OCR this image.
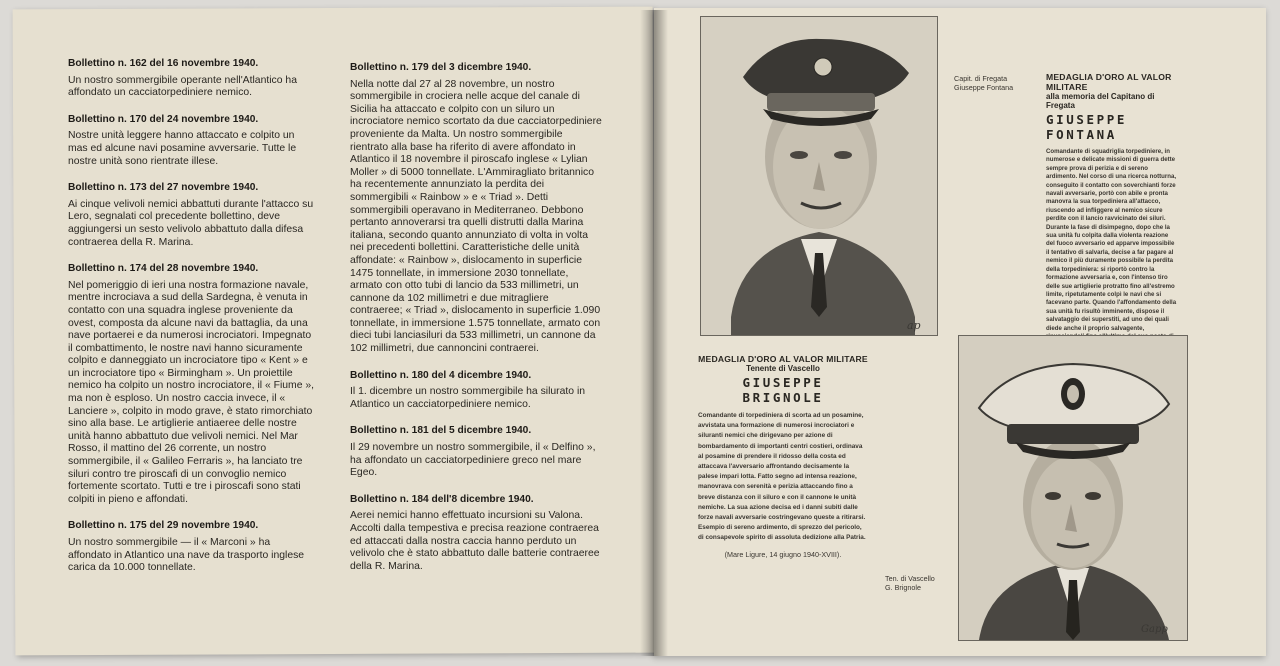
Bollettino n. 162 del 16 novembre 1940.

Un nostro sommergibile operante nell'Atlantico ha affondato un cacciatorpediniere nemico.

Bollettino n. 170 del 24 novembre 1940.

Nostre unità leggere hanno attaccato e colpito un mas ed alcune navi posamine avversarie. Tutte le nostre unità sono rientrate illese.

Bollettino n. 173 del 27 novembre 1940.

Ai cinque velivoli nemici abbattuti durante l'attacco su Lero, segnalati col precedente bollettino, deve aggiungersi un sesto velivolo abbattuto dalla difesa contraerea della R. Marina.

Bollettino n. 174 del 28 novembre 1940.

Nel pomeriggio di ieri una nostra formazione navale, mentre incrociava a sud della Sardegna, è venuta in contatto con una squadra inglese proveniente da ovest, composta da alcune navi da battaglia, da una nave portaerei e da numerosi incrociatori. Impegnato il combattimento, le nostre navi hanno sicuramente colpito e danneggiato un incrociatore tipo « Kent » e un incrociatore tipo « Birmingham ». Un proiettile nemico ha colpito un nostro incrociatore, il « Fiume », ma non è esploso. Un nostro caccia invece, il « Lanciere », colpito in modo grave, è stato rimorchiato sino alla base. Le artiglierie antiaeree delle nostre unità hanno abbattuto due velivoli nemici. Nel Mar Rosso, il mattino del 26 corrente, un nostro sommergibile, il « Galileo Ferraris », ha lanciato tre siluri contro tre piroscafi di un convoglio nemico fortemente scortato. Tutti e tre i piroscafi sono stati colpiti in pieno e affondati.

Bollettino n. 175 del 29 novembre 1940.

Un nostro sommergibile — il « Marconi » ha affondato in Atlantico una nave da trasporto inglese carica da 10.000 tonnellate.

Bollettino n. 179 del 3 dicembre 1940.

Nella notte dal 27 al 28 novembre, un nostro sommergibile in crociera nelle acque del canale di Sicilia ha attaccato e colpito con un siluro un incrociatore nemico scortato da due cacciatorpediniere proveniente da Malta. Un nostro sommergibile rientrato alla base ha riferito di avere affondato in Atlantico il 18 novembre il piroscafo inglese « Lylian Moller » di 5000 tonnellate. L'Ammiragliato britannico ha recentemente annunziato la perdita dei sommergibili « Rainbow » e « Triad ». Detti sommergibili operavano in Mediterraneo. Debbono pertanto annoverarsi tra quelli distrutti dalla Marina italiana, secondo quanto annunziato di volta in volta nei precedenti bollettini. Caratteristiche delle unità affondate: « Rainbow », dislocamento in superficie 1475 tonnellate, in immersione 2030 tonnellate, armato con otto tubi di lancio da 533 millimetri, un cannone da 102 millimetri e due mitragliere contraeree; « Triad », dislocamento in superficie 1.090 tonnellate, in immersione 1.575 tonnellate, armato con dieci tubi lanciasiluri da 533 millimetri, un cannone da 102 millimetri, due cannoncini contraerei.

Bollettino n. 180 del 4 dicembre 1940.

Il 1. dicembre un nostro sommergibile ha silurato in Atlantico un cacciatorpediniere nemico.

Bollettino n. 181 del 5 dicembre 1940.

Il 29 novembre un nostro sommergibile, il « Delfino », ha affondato un cacciatorpediniere greco nel mare Egeo.

Bollettino n. 184 dell'8 dicembre 1940.

Aerei nemici hanno effettuato incursioni su Valona. Accolti dalla tempestiva e precisa reazione contraerea ed attaccati dalla nostra caccia hanno perduto un velivolo che è stato abbattuto dalle batterie contraeree della R. Marina.

ap
Capit. di Fregata
Giuseppe Fontana
MEDAGLIA D'ORO AL VALOR MILITARE
alla memoria del Capitano di Fregata
GIUSEPPE FONTANA
Comandante di squadriglia torpediniere, in numerose e delicate missioni di guerra dette sempre prova di perizia e di sereno ardimento. Nel corso di una ricerca notturna, conseguito il contatto con soverchianti forze navali avversarie, portò con abile e pronta manovra la sua torpediniera all'attacco, riuscendo ad infliggere al nemico sicure perdite con il lancio ravvicinato dei siluri. Durante la fase di disimpegno, dopo che la sua unità fu colpita dalla violenta reazione del fuoco avversario ed apparve impossibile il tentativo di salvarla, decise a far pagare al nemico il più duramente possibile la perdita della torpediniera: si riportò contro la formazione avversaria e, con l'intenso tiro delle sue artiglierie protratto fino all'estremo limite, ripetutamente colpì le navi che si facevano parte. Quando l'affondamento della sua unità fu risultò imminente, dispose il salvataggio dei superstiti, ad uno dei quali diede anche il proprio salvagente,
MEDAGLIA D'ORO AL VALOR MILITARE
Tenente di Vascello
GIUSEPPE BRIGNOLE
Comandante di torpediniera di scorta ad un posamine, avvistata una formazione di numerosi incrociatori e siluranti nemici che dirigevano per azione di bombardamento di importanti centri costieri, ordinava al posamine di prendere il ridosso della costa ed attaccava l'avversario affrontando decisamente la palese impari lotta. Fatto segno ad intensa reazione, manovrava con serenità e perizia attaccando fino a breve distanza con il siluro e con il cannone le unità nemiche. La sua azione decisa ed i danni subiti dalle forze navali avversarie costringevano queste a ritirarsi. Esempio di sereno ardimento, di sprezzo del pericolo, di consapevole spirito di assoluta dedizione alla Patria.
(Mare Ligure, 14 giugno 1940-XVIII).
Ten. di Vascello
G. Brignole
Gapp
